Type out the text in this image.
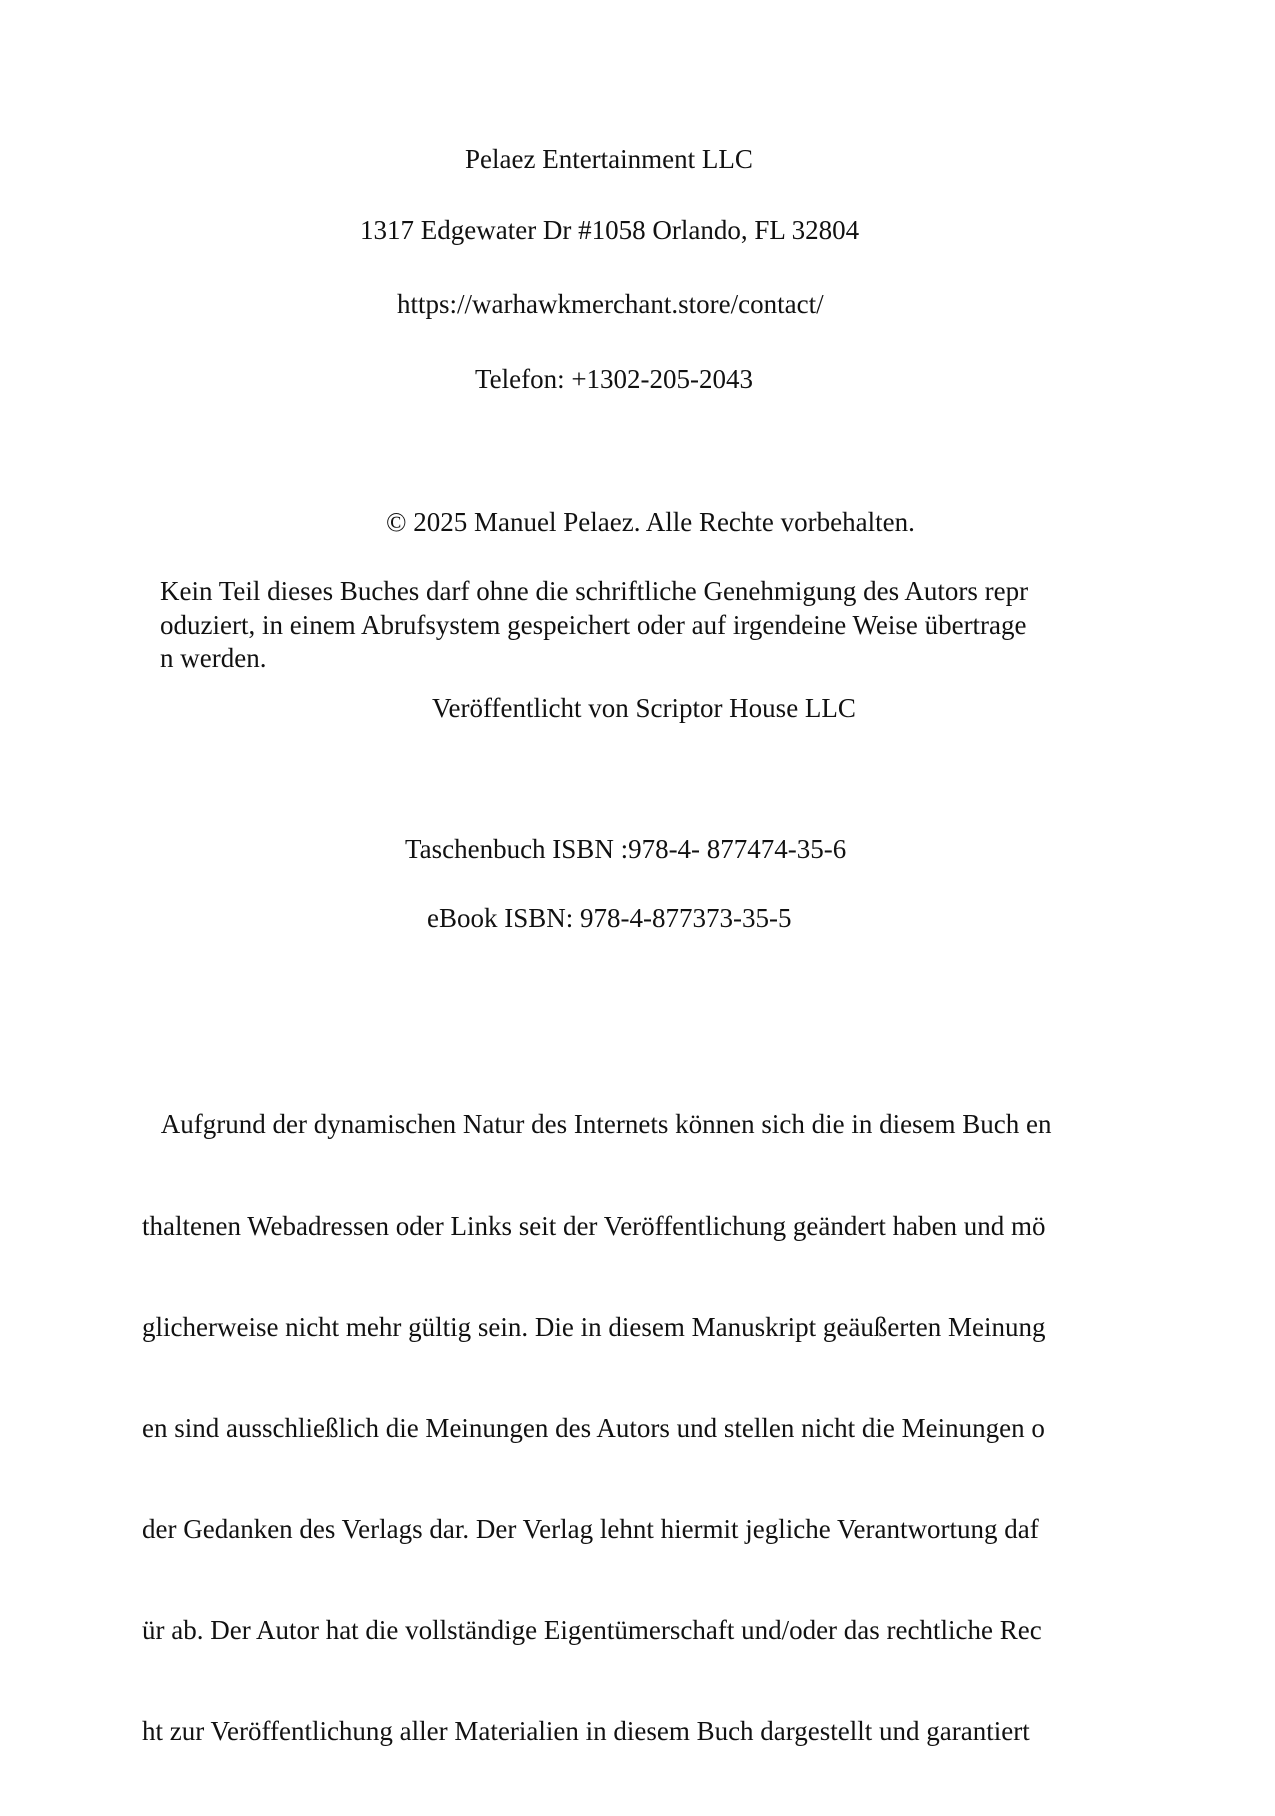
Pelaez Entertainment LLC
1317 Edgewater Dr #1058 Orlando, FL 32804
https://warhawkmerchant.store/contact/
Telefon: +1302-205-2043
© 2025 Manuel Pelaez. Alle Rechte vorbehalten.
Kein Teil dieses Buches darf ohne die schriftliche Genehmigung des Autors repr
oduziert, in einem Abrufsystem gespeichert oder auf irgendeine Weise übertrage
n werden.
Veröffentlicht von Scriptor House LLC
Taschenbuch ISBN :978-4- 877474-35-6
eBook ISBN: 978-4-877373-35-5

Aufgrund der dynamischen Natur des Internets können sich die in diesem Buch en

thaltenen Webadressen oder Links seit der Veröffentlichung geändert haben und mö

glicherweise nicht mehr gültig sein. Die in diesem Manuskript geäußerten Meinung

en sind ausschließlich die Meinungen des Autors und stellen nicht die Meinungen o

der Gedanken des Verlags dar. Der Verlag lehnt hiermit jegliche Verantwortung daf

ür ab. Der Autor hat die vollständige Eigentümerschaft und/oder das rechtliche Rec

ht zur Veröffentlichung aller Materialien in diesem Buch dargestellt und garantiert
